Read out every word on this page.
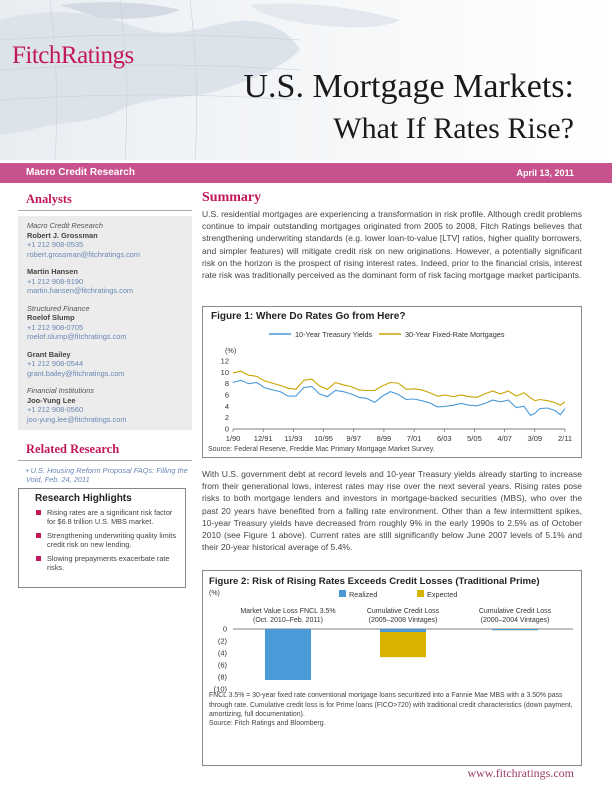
FitchRatings
U.S. Mortgage Markets:
What If Rates Rise?
Macro Credit Research	April 13, 2011
Analysts
Macro Credit Research
Robert J. Grossman
+1 212 908-0535
robert.grossman@fitchratings.com
Martin Hansen
+1 212 908-9190
martin.hansen@fitchratings.com
Structured Finance
Roelof Slump
+1 212 908-0705
roelof.slump@fitchratings.com
Grant Bailey
+1 212 908-0544
grant.bailey@fitchratings.com
Financial Institutions
Joo-Yung Lee
+1 212 908-0560
joo-yung.lee@fitchratings.com
Related Research
• U.S. Housing Reform Proposal FAQs: Filling the Void, Feb. 24, 2011
Research Highlights
Rising rates are a significant risk factor for $6.8 trillion U.S. MBS market.
Strengthening underwriting quality limits credit risk on new lending.
Slowing prepayments exacerbate rate risks.
Summary
U.S. residential mortgages are experiencing a transformation in risk profile. Although credit problems continue to impair outstanding mortgages originated from 2005 to 2008, Fitch Ratings believes that strengthening underwriting standards (e.g. lower loan-to-value [LTV] ratios, higher quality borrowers, and simpler features) will mitigate credit risk on new originations. However, a potentially significant risk on the horizon is the prospect of rising interest rates. Indeed, prior to the financial crisis, interest rate risk was traditionally perceived as the dominant form of risk facing mortgage market participants.
Figure 1: Where Do Rates Go from Here?
10-Year Treasury Yields	30-Year Fixed-Rate Mortgages
(%)
12
10
8
6
4
2
0
1/90 12/91 11/93 10/95 9/97 8/99 7/01 6/03 5/05 4/07 3/09 2/11
Source: Federal Reserve, Freddie Mac Primary Mortgage Market Survey.
With U.S. government debt at record levels and 10-year Treasury yields already starting to increase from their generational lows, interest rates may rise over the next several years. Rising rates pose risks to both mortgage lenders and investors in mortgage-backed securities (MBS), who over the past 20 years have benefited from a falling rate environment. Other than a few intermittent spikes, 10-year Treasury yields have decreased from roughly 9% in the early 1990s to 2.5% as of October 2010 (see Figure 1 above). Current rates are still significantly below June 2007 levels of 5.1% and their 20-year historical average of 5.4%.
Figure 2: Risk of Rising Rates Exceeds Credit Losses (Traditional Prime)
(%)	Realized	Expected
0
(2)
(4)
(6)
(8)
(10)
Market Value Loss FNCL 3.5%
(Oct. 2010–Feb. 2011)
Cumulative Credit Loss
(2005–2008 Vintages)
Cumulative Credit Loss
(2000–2004 Vintages)
FNCL 3.5% = 30-year fixed rate conventional mortgage loans securitized into a Fannie Mae MBS with a 3.50% pass through rate. Cumulative credit loss is for Prime loans (FICO>720) with traditional credit characteristics (down payment, amortizing, full documentation).
Source: Fitch Ratings and Bloomberg.
www.fitchratings.com
